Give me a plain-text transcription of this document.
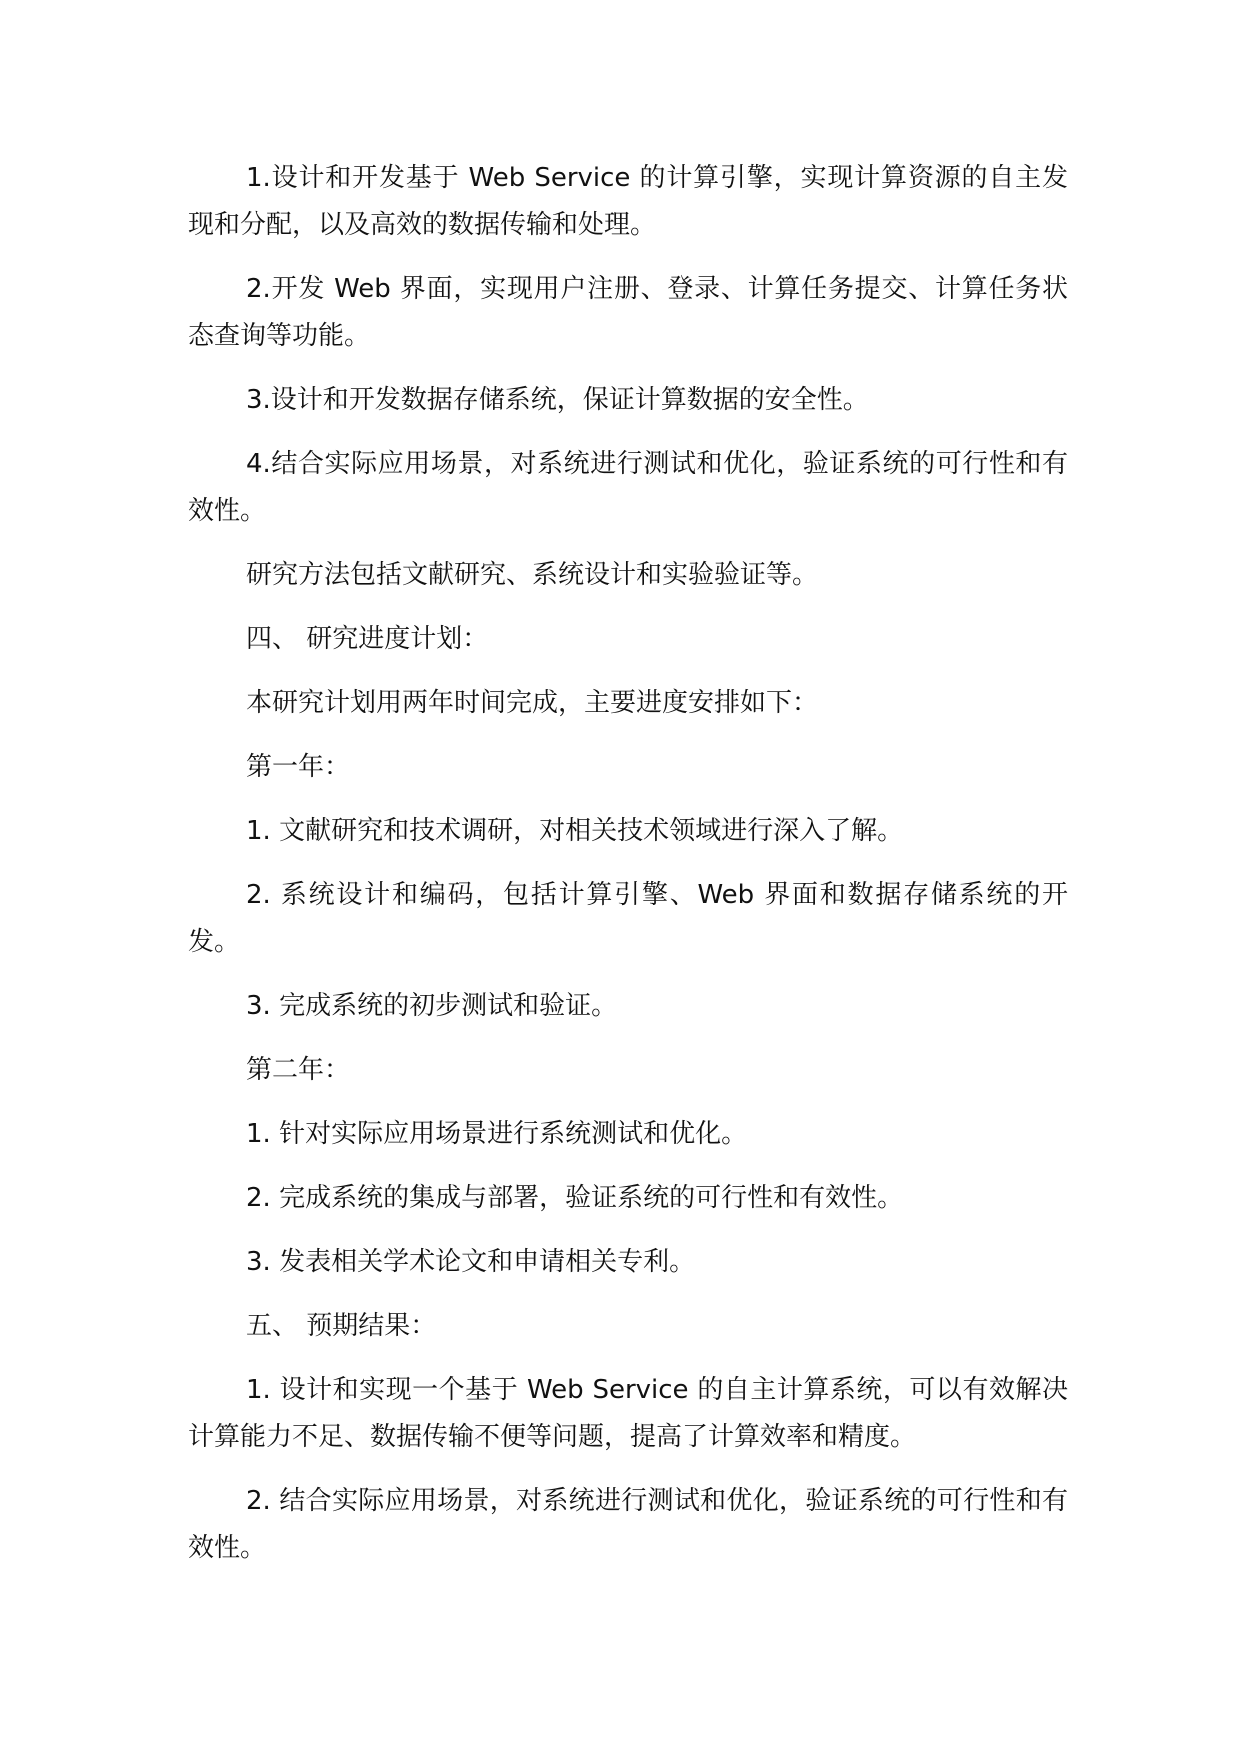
1.设计和开发基于 Web Service 的计算引擎，实现计算资源的自主发现和分配，以及高效的数据传输和处理。

2.开发 Web 界面，实现用户注册、登录、计算任务提交、计算任务状态查询等功能。

3.设计和开发数据存储系统，保证计算数据的安全性。

4.结合实际应用场景，对系统进行测试和优化，验证系统的可行性和有效性。

研究方法包括文献研究、系统设计和实验验证等。

四、 研究进度计划：

本研究计划用两年时间完成，主要进度安排如下：

第一年：

1. 文献研究和技术调研，对相关技术领域进行深入了解。

2. 系统设计和编码，包括计算引擎、Web 界面和数据存储系统的开发。

3. 完成系统的初步测试和验证。

第二年：

1. 针对实际应用场景进行系统测试和优化。

2. 完成系统的集成与部署，验证系统的可行性和有效性。

3. 发表相关学术论文和申请相关专利。

五、 预期结果：

1. 设计和实现一个基于 Web Service 的自主计算系统，可以有效解决计算能力不足、数据传输不便等问题，提高了计算效率和精度。

2. 结合实际应用场景，对系统进行测试和优化，验证系统的可行性和有效性。
